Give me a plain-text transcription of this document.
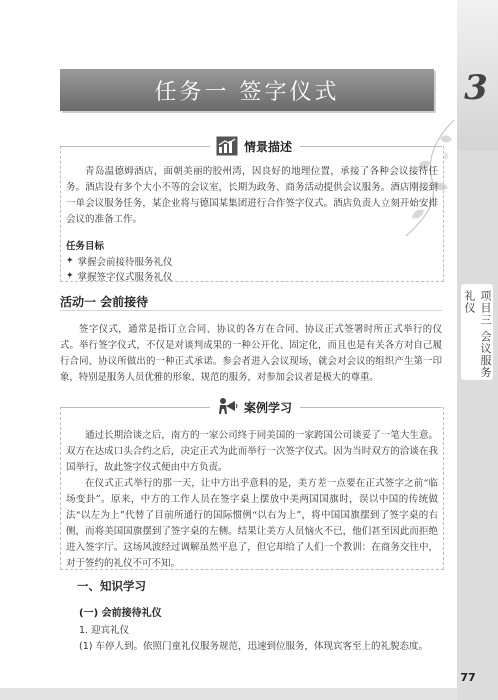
3
项目三 会议服务礼仪
任务一 签字仪式
情景描述

青岛温德姆酒店，面朝美丽的胶州湾，因良好的地理位置，承接了各种会议接待任务。酒店设有多个大小不等的会议室，长期为政务、商务活动提供会议服务。酒店刚接到一单会议服务任务，某企业将与德国某集团进行合作签字仪式。酒店负责人立刻开始安排会议的准备工作。

任务目标
✦ 掌握会前接待服务礼仪
✦ 掌握签字仪式服务礼仪
活动一 会前接待

签字仪式，通常是指订立合同、协议的各方在合同、协议正式签署时所正式举行的仪式。举行签字仪式，不仅是对谈判成果的一种公开化、固定化，而且也是有关各方对自己履行合同、协议所做出的一种正式承诺。参会者进入会议现场，就会对会议的组织产生第一印象，特别是服务人员优雅的形象、规范的服务，对参加会议者是极大的尊重。

案例学习

通过长期洽谈之后，南方的一家公司终于同美国的一家跨国公司谈妥了一笔大生意。双方在达成口头合约之后，决定正式为此而举行一次签字仪式。因为当时双方的洽谈在我国举行，故此签字仪式便由中方负责。

在仪式正式举行的那一天，让中方出乎意料的是，美方差一点要在正式签字之前“临场变卦”。原来，中方的工作人员在签字桌上摆放中美两国国旗时，误以中国的传统做法“以左为上”代替了目前所通行的国际惯例“以右为上”，将中国国旗摆到了签字桌的右侧，而将美国国旗摆到了签字桌的左侧。结果让美方人员恼火不已，他们甚至因此而拒绝进入签字厅。这场风波经过调解虽然平息了，但它却给了人们一个教训：在商务交往中，对于签约的礼仪不可不知。

一、知识学习
(一) 会前接待礼仪
1. 迎宾礼仪
(1) 车停人到。依照门童礼仪服务规范，迅速到位服务，体现宾客至上的礼貌态度。
77
